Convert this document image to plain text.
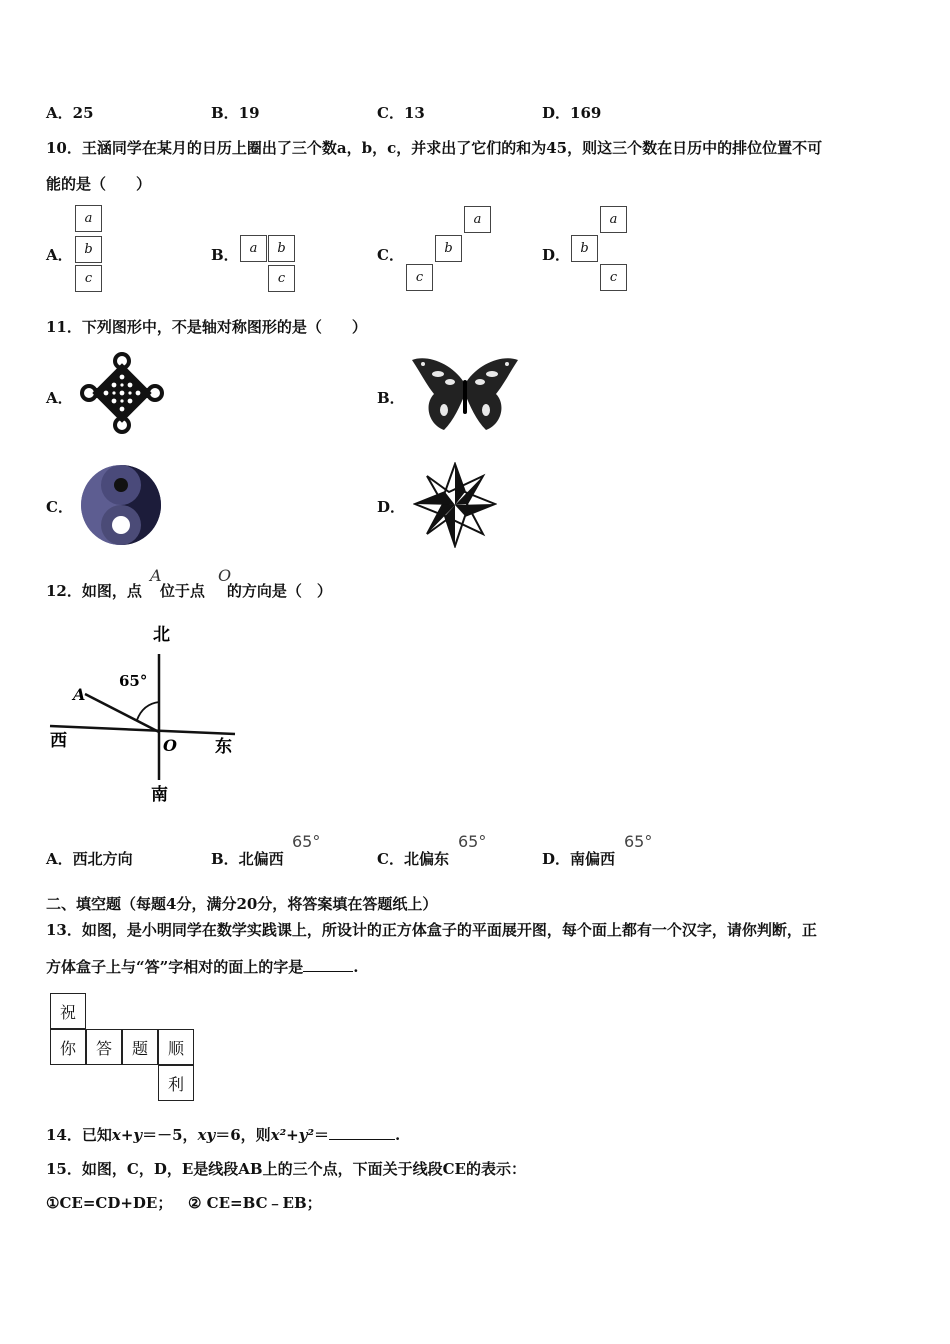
A．25	B．19	C．13	D．169
10．王涵同学在某月的日历上圈出了三个数a，b，c，并求出了它们的和为45，则这三个数在日历中的排位位置不可
能的是（　　）
A．
a
b
c
B． a	b
c
C．
a
b
c
D．
a
b
c
11．下列图形中，不是轴对称图形的是（　　）
A．	B．
C．	D．
12．如图，点 位于点 的方向是（　）
A	O
北
南
东
西
65°
A
O
A．西北方向	B．北偏西
65°
C．北偏东
65°
D．南偏西
65°
二、填空题（每题4分，满分20分，将答案填在答题纸上）
13．如图，是小明同学在数学实践课上，所设计的正方体盒子的平面展开图，每个面上都有一个汉字，请你判断，正
方体盒子上与“答”字相对的面上的字是	.
祝
你	答	题	顺
利
14．已知x+y＝－5，xy＝6，则x²+y²＝	.
15．如图，C，D，E是线段AB上的三个点，下面关于线段CE的表示：
①CE=CD+DE； ② CE=BC﹣EB；
